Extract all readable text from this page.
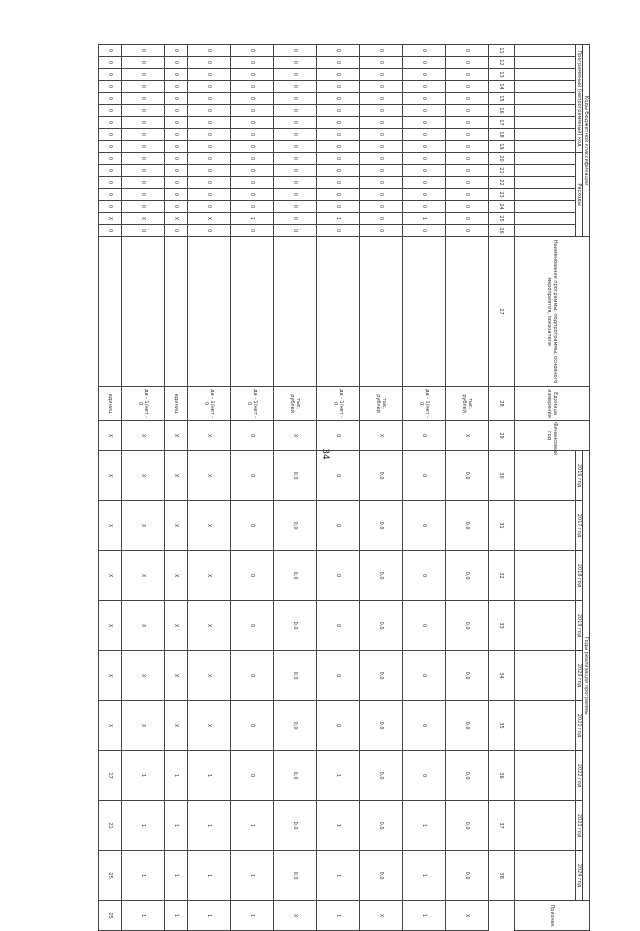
34
Коды бюджетной классификации																Наименование программы, подпрограммы, основного мероприятия, показателя	Единица измерения	Финансовый год	Годы реализации программы									Признак
Программный (непрограммный) код									Расходы										2016 год	2017 год	2018 год	2019 год	2020 год	2021 год	2022 год	2023 год	2024 год	

11	12	13	14	15	16	17	18	19	20	21	22	23	24	25	26	27	28	29	30	31	32	33	34	35	36	37	38	
0	0	0	0	0	0	0	0	0	0	0	0	0	0	0	0		тыс. рублей	Х	0,0	0,0	0,0	0,0	0,0	0,0	0,0	0,0	0,0	Х
0	0	0	0	0	0	0	0	0	0	0	0	0	0	1	0		да - 1/нет - 0	0	0	0	0	0	0	0	0	1	1	1
0	0	0	0	0	0	0	0	0	0	0	0	0	0	0	0		тыс. рублей	Х	0,0	0,0	0,0	0,0	0,0	0,0	0,0	0,0	0,0	Х
0	0	0	0	0	0	0	0	0	0	0	0	0	0	1	0		да - 1/нет - 0	0	0	0	0	0	0	0	1	1	1	1
0	0	0	0	0	0	0	0	0	0	0	0	0	0	0	0		тыс. рублей	Х	0,0	0,0	0,0	0,0	0,0	0,0	0,0	0,0	0,0	Х
0	0	0	0	0	0	0	0	0	0	0	0	0	0	1	0		да - 1/нет - 0	0	0	0	0	0	0	0	0	1	1	1
0	0	0	0	0	0	0	0	0	0	0	0	0	0	Х	0		да - 1/нет - 0	Х	Х	Х	Х	Х	Х	Х	1	1	1	1
0	0	0	0	0	0	0	0	0	0	0	0	0	0	Х	0		единиц	Х	Х	Х	Х	Х	Х	Х	1	1	1	1
0	0	0	0	0	0	0	0	0	0	0	0	0	0	Х	0		да - 1/нет - 0	Х	Х	Х	Х	Х	Х	Х	1	1	1	1
0	0	0	0	0	0	0	0	0	0	0	0	0	0	Х	0		единиц	Х	Х	Х	Х	Х	Х	Х	17	21	25	25
